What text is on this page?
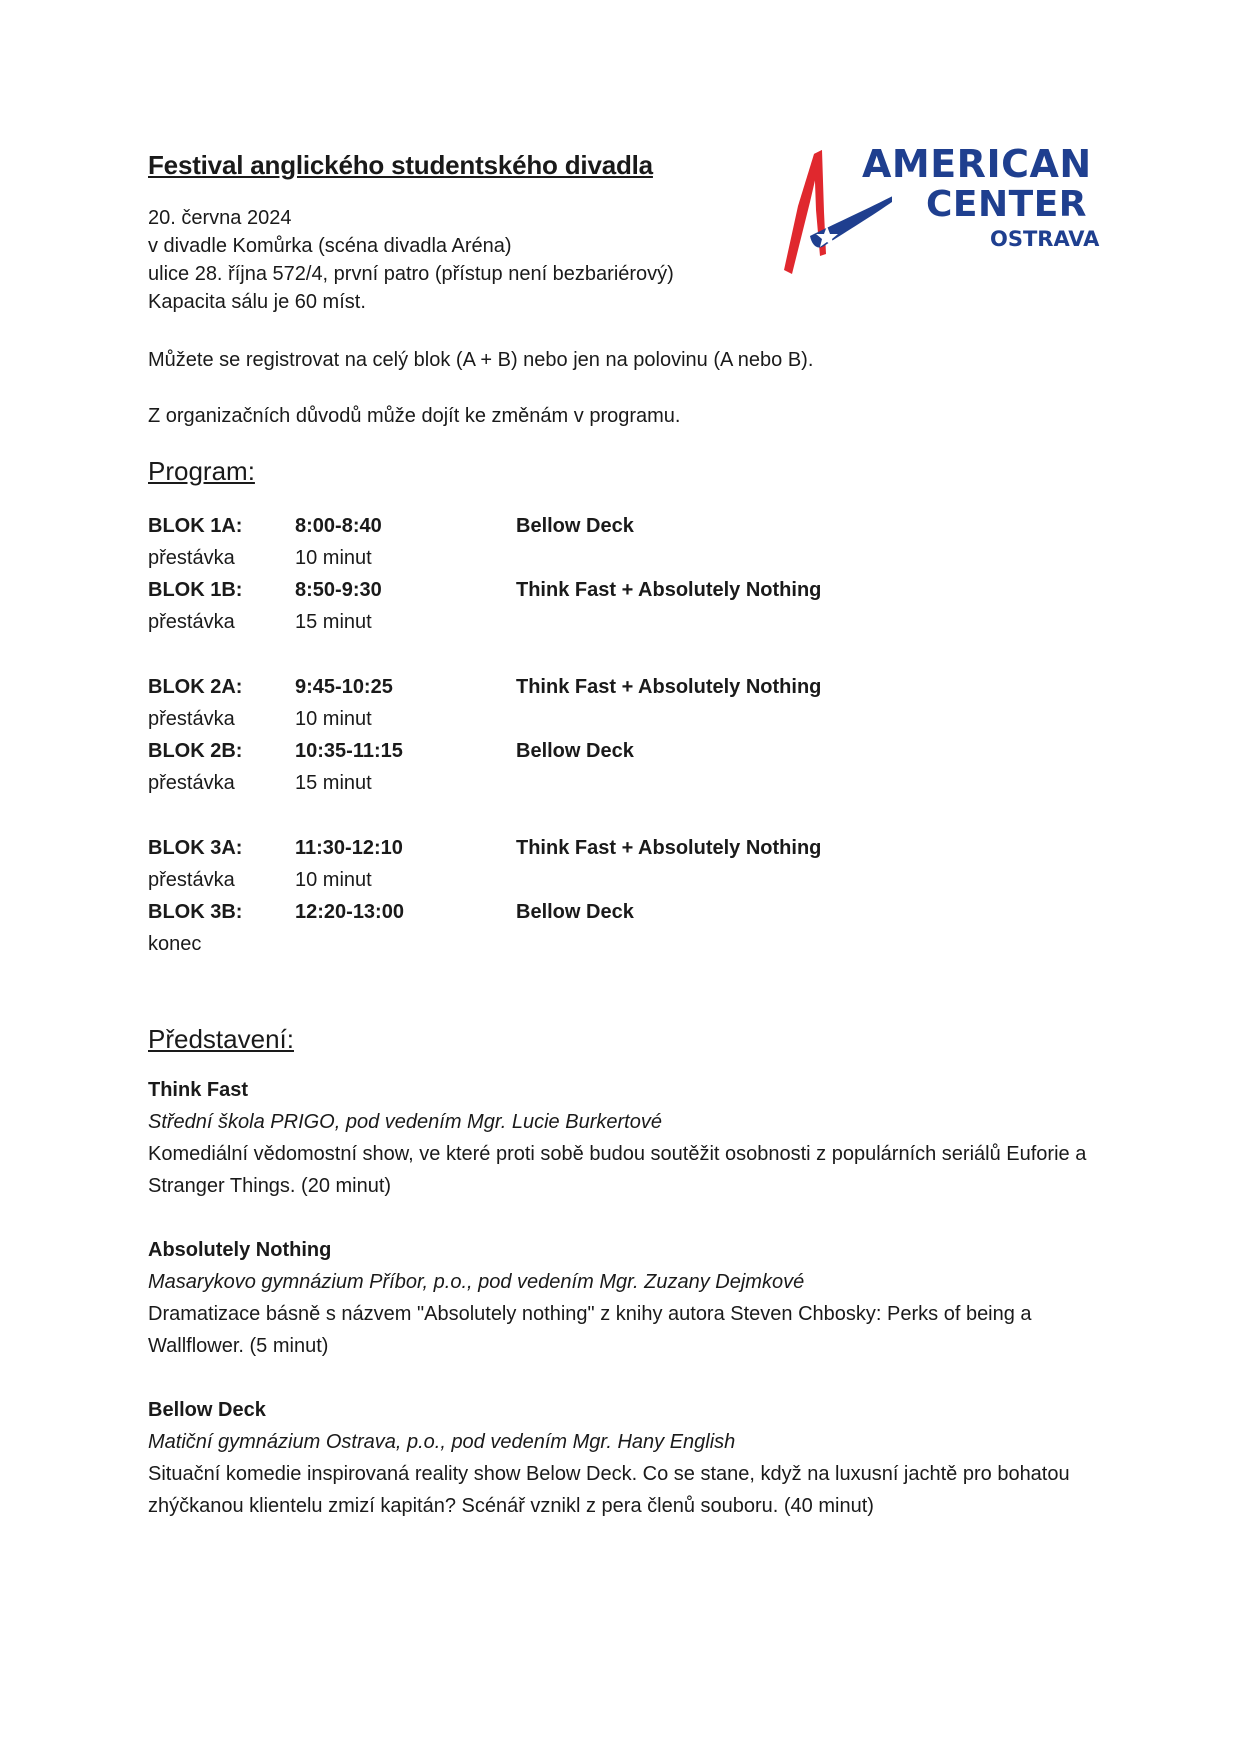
Festival anglického studentského divadla
20. června 2024
v divadle Komůrka (scéna divadla Aréna)
ulice 28. října 572/4, první patro (přístup není bezbariérový)
Kapacita sálu je 60 míst.
Můžete se registrovat na celý blok (A + B) nebo jen na polovinu (A nebo B).
Z organizačních důvodů může dojít ke změnám v programu.
Program:
BLOK 1A:	8:00-8:40	Bellow Deck
přestávka	10 minut
BLOK 1B:	8:50-9:30	Think Fast + Absolutely Nothing
přestávka	15 minut
BLOK 2A:	9:45-10:25	Think Fast + Absolutely Nothing
přestávka	10 minut
BLOK 2B:	10:35-11:15	Bellow Deck
přestávka	15 minut
BLOK 3A:	11:30-12:10	Think Fast + Absolutely Nothing
přestávka	10 minut
BLOK 3B:	12:20-13:00	Bellow Deck
konec
Představení:
Think Fast
Střední škola PRIGO, pod vedením Mgr. Lucie Burkertové
Komediální vědomostní show, ve které proti sobě budou soutěžit osobnosti z populárních seriálů Euforie a Stranger Things. (20 minut)
Absolutely Nothing
Masarykovo gymnázium Příbor, p.o., pod vedením Mgr. Zuzany Dejmkové
Dramatizace básně s názvem "Absolutely nothing" z knihy autora Steven Chbosky: Perks of being a Wallflower. (5 minut)
Bellow Deck
Matiční gymnázium Ostrava, p.o., pod vedením Mgr. Hany English
Situační komedie inspirovaná reality show Below Deck. Co se stane, když na luxusní jachtě pro bohatou zhýčkanou klientelu zmizí kapitán? Scénář vznikl z pera členů souboru. (40 minut)
AMERICAN
CENTER
OSTRAVA
